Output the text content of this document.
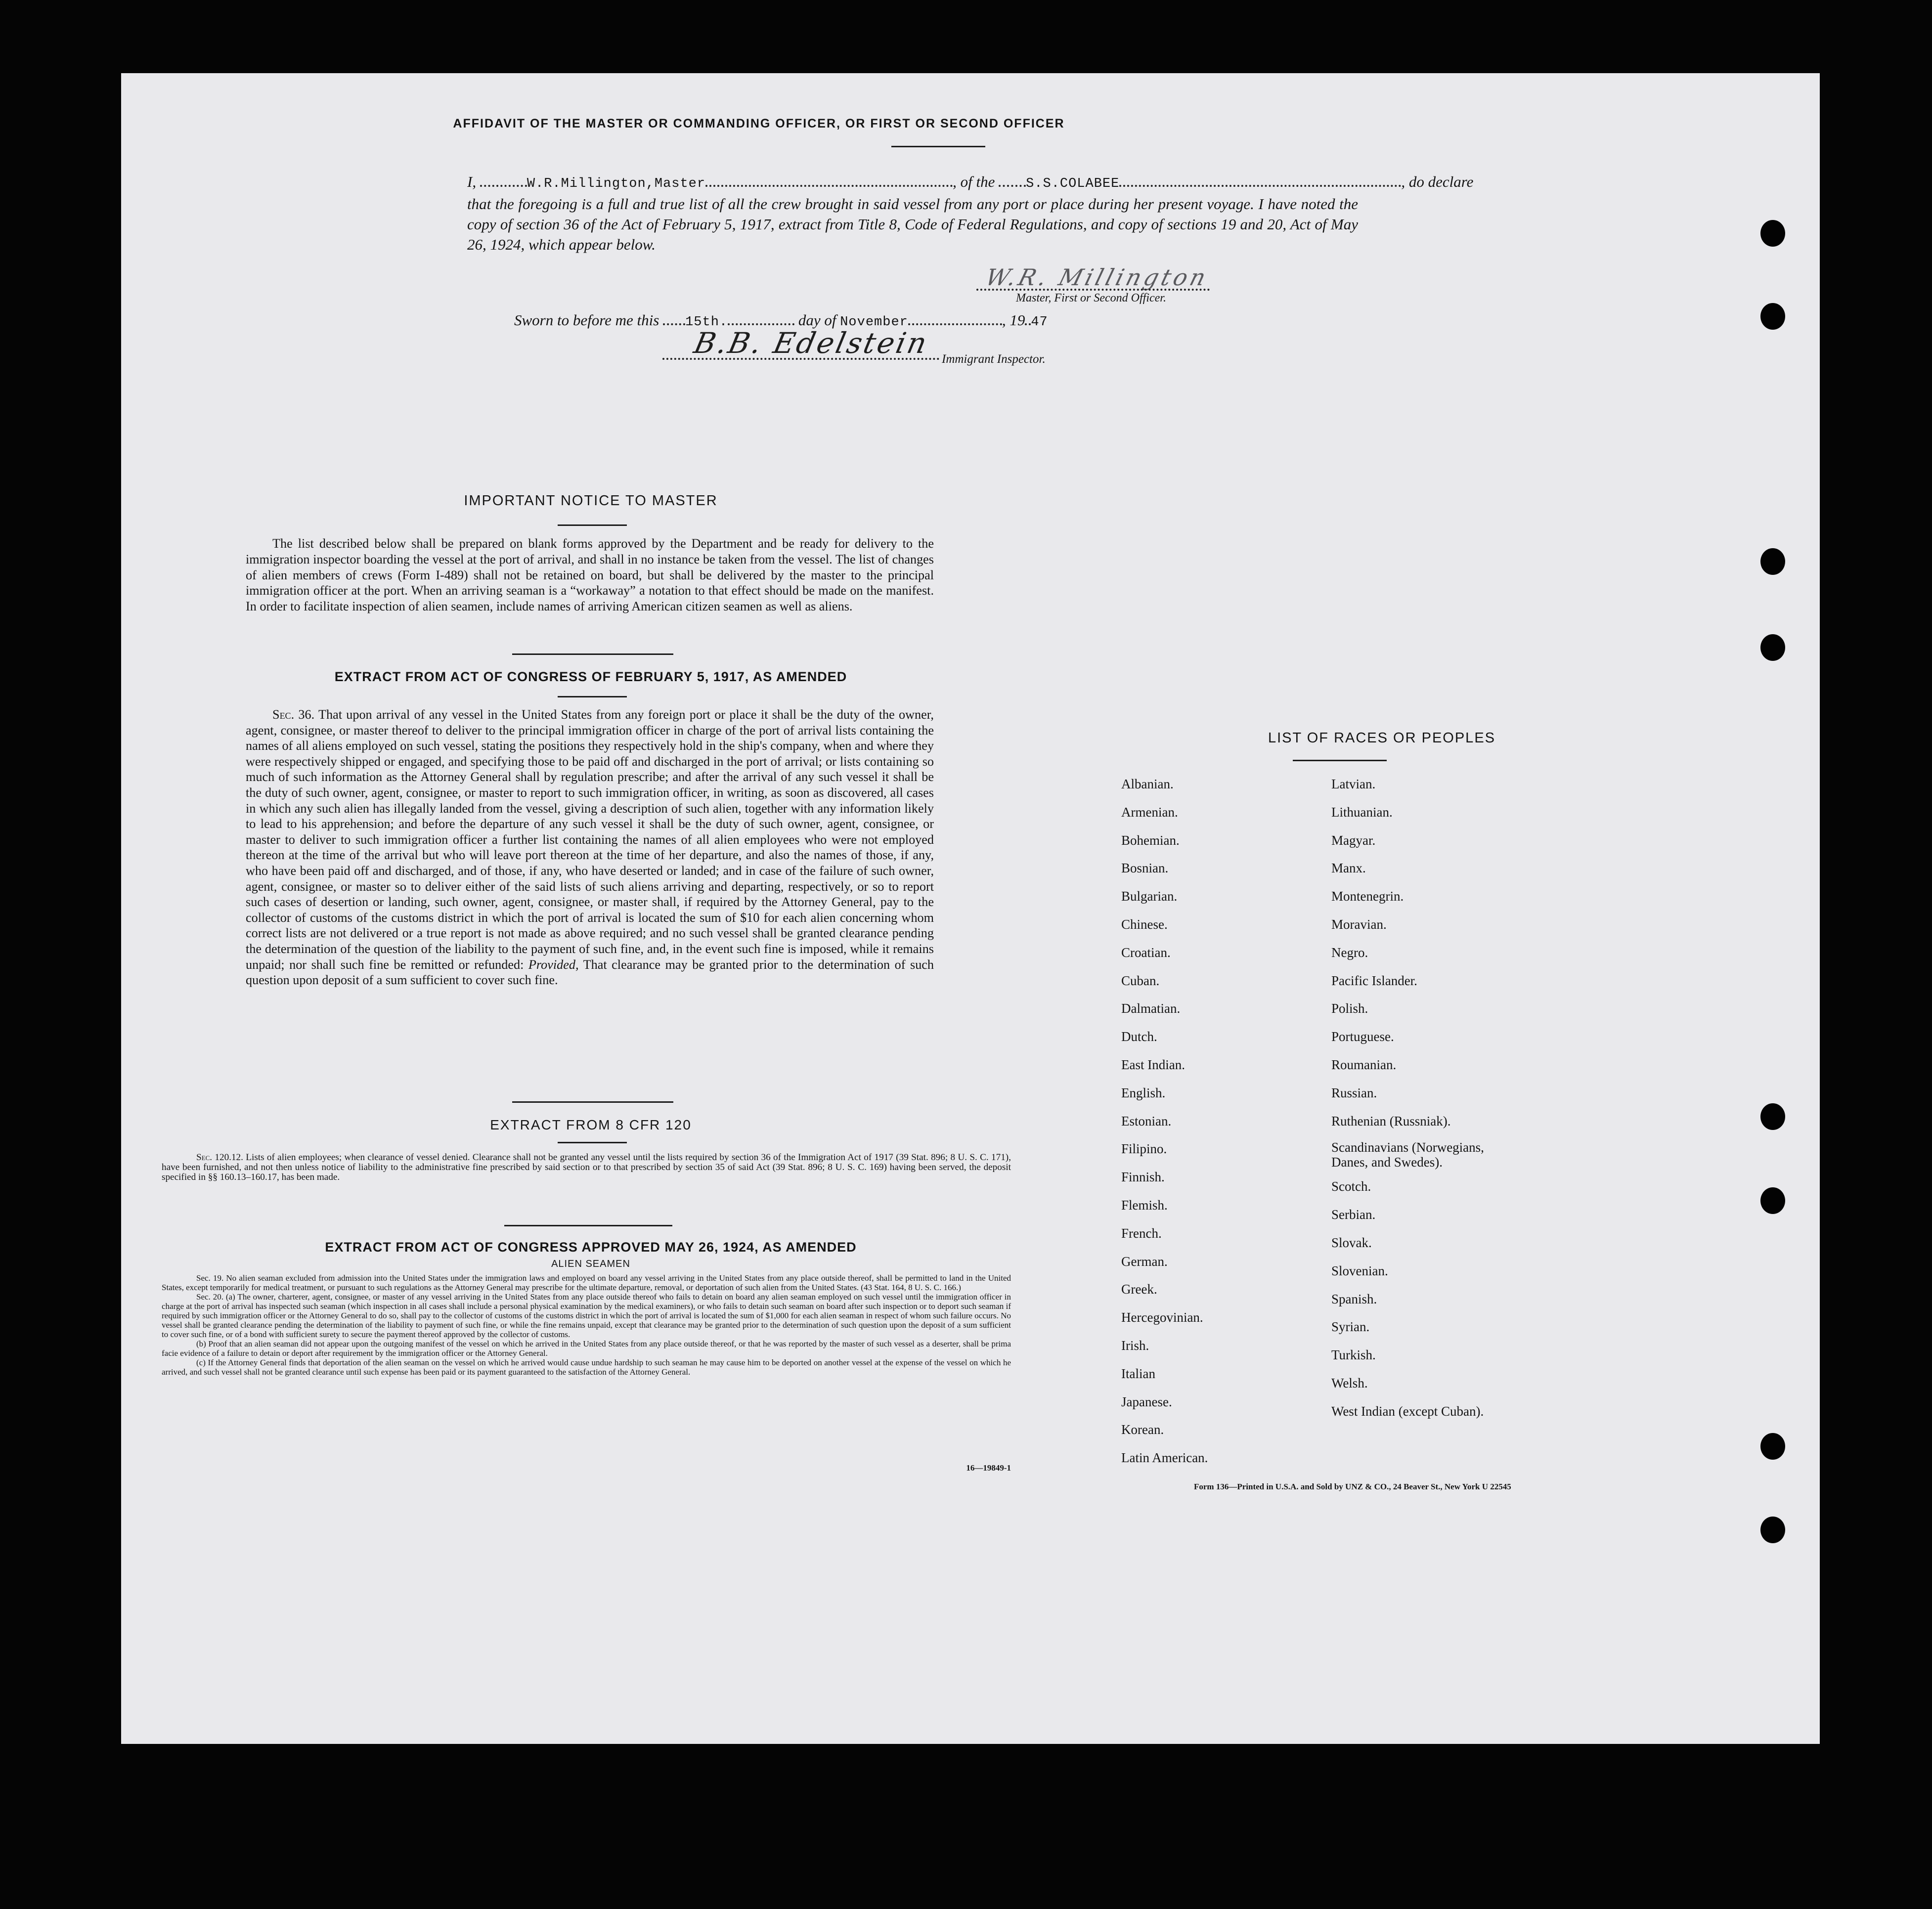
AFFIDAVIT OF THE MASTER OR COMMANDING OFFICER, OR FIRST OR SECOND OFFICER
I,	W.R.Millington,Master	, of the S.S.COLABEE	, do declare
that the foregoing is a full and true list of all the crew brought in said vessel from any port or place during her present voyage. I have noted the copy of section 36 of the Act of February 5, 1917, extract from Title 8, Code of Federal Regulations, and copy of sections 19 and 20, Act of May 26, 1924, which appear below.
W.R. Millington
Master, First or Second Officer.
Sworn to before me this 15th.	day of November	, 19 47
B.B. Edelstein Immigrant Inspector.
IMPORTANT NOTICE TO MASTER
The list described below shall be prepared on blank forms approved by the Department and be ready for delivery to the immigration inspector boarding the vessel at the port of arrival, and shall in no instance be taken from the vessel. The list of changes of alien members of crews (Form I-489) shall not be retained on board, but shall be delivered by the master to the principal immigration officer at the port. When an arriving seaman is a “workaway” a notation to that effect should be made on the manifest. In order to facilitate inspection of alien seamen, include names of arriving American citizen seamen as well as aliens.
EXTRACT FROM ACT OF CONGRESS OF FEBRUARY 5, 1917, AS AMENDED
Sec. 36. That upon arrival of any vessel in the United States from any foreign port or place it shall be the duty of the owner, agent, consignee, or master thereof to deliver to the principal immigration officer in charge of the port of arrival lists containing the names of all aliens employed on such vessel, stating the positions they respectively hold in the ship's company, when and where they were respectively shipped or engaged, and specifying those to be paid off and discharged in the port of arrival; or lists containing so much of such information as the Attorney General shall by regulation prescribe; and after the arrival of any such vessel it shall be the duty of such owner, agent, consignee, or master to report to such immigration officer, in writing, as soon as discovered, all cases in which any such alien has illegally landed from the vessel, giving a description of such alien, together with any information likely to lead to his apprehension; and before the departure of any such vessel it shall be the duty of such owner, agent, consignee, or master to deliver to such immigration officer a further list containing the names of all alien employees who were not employed thereon at the time of the arrival but who will leave port thereon at the time of her departure, and also the names of those, if any, who have been paid off and discharged, and of those, if any, who have deserted or landed; and in case of the failure of such owner, agent, consignee, or master so to deliver either of the said lists of such aliens arriving and departing, respectively, or so to report such cases of desertion or landing, such owner, agent, consignee, or master shall, if required by the Attorney General, pay to the collector of customs of the customs district in which the port of arrival is located the sum of $10 for each alien concerning whom correct lists are not delivered or a true report is not made as above required; and no such vessel shall be granted clearance pending the determination of the question of the liability to the payment of such fine, and, in the event such fine is imposed, while it remains unpaid; nor shall such fine be remitted or refunded: Provided, That clearance may be granted prior to the determination of such question upon deposit of a sum sufficient to cover such fine.
EXTRACT FROM 8 CFR 120
Sec. 120.12. Lists of alien employees; when clearance of vessel denied. Clearance shall not be granted any vessel until the lists required by section 36 of the Immigration Act of 1917 (39 Stat. 896; 8 U. S. C. 171), have been furnished, and not then unless notice of liability to the administrative fine prescribed by said section or to that prescribed by section 35 of said Act (39 Stat. 896; 8 U. S. C. 169) having been served, the deposit specified in §§ 160.13–160.17, has been made.
EXTRACT FROM ACT OF CONGRESS APPROVED MAY 26, 1924, AS AMENDED
ALIEN SEAMEN
Sec. 19. No alien seaman excluded from admission into the United States under the immigration laws and employed on board any vessel arriving in the United States from any place outside thereof, shall be permitted to land in the United States, except temporarily for medical treatment, or pursuant to such regulations as the Attorney General may prescribe for the ultimate departure, removal, or deportation of such alien from the United States. (43 Stat. 164, 8 U. S. C. 166.)
Sec. 20. (a) The owner, charterer, agent, consignee, or master of any vessel arriving in the United States from any place outside thereof who fails to detain on board any alien seaman employed on such vessel until the immigration officer in charge at the port of arrival has inspected such seaman (which inspection in all cases shall include a personal physical examination by the medical examiners), or who fails to detain such seaman on board after such inspection or to deport such seaman if required by such immigration officer or the Attorney General to do so, shall pay to the collector of customs of the customs district in which the port of arrival is located the sum of $1,000 for each alien seaman in respect of whom such failure occurs. No vessel shall be granted clearance pending the determination of the liability to payment of such fine, or while the fine remains unpaid, except that clearance may be granted prior to the determination of such question upon the deposit of a sum sufficient to cover such fine, or of a bond with sufficient surety to secure the payment thereof approved by the collector of customs.
(b) Proof that an alien seaman did not appear upon the outgoing manifest of the vessel on which he arrived in the United States from any place outside thereof, or that he was reported by the master of such vessel as a deserter, shall be prima facie evidence of a failure to detain or deport after requirement by the immigration officer or the Attorney General.
(c) If the Attorney General finds that deportation of the alien seaman on the vessel on which he arrived would cause undue hardship to such seaman he may cause him to be deported on another vessel at the expense of the vessel on which he arrived, and such vessel shall not be granted clearance until such expense has been paid or its payment guaranteed to the satisfaction of the Attorney General.
16—19849-1
LIST OF RACES OR PEOPLES
Albanian.
Armenian.
Bohemian.
Bosnian.
Bulgarian.
Chinese.
Croatian.
Cuban.
Dalmatian.
Dutch.
East Indian.
English.
Estonian.
Filipino.
Finnish.
Flemish.
French.
German.
Greek.
Hercegovinian.
Irish.
Italian
Japanese.
Korean.
Latin American.
Latvian.
Lithuanian.
Magyar.
Manx.
Montenegrin.
Moravian.
Negro.
Pacific Islander.
Polish.
Portuguese.
Roumanian.
Russian.
Ruthenian (Russniak).
Scandinavians (Norwegians,
Danes, and Swedes).
Scotch.
Serbian.
Slovak.
Slovenian.
Spanish.
Syrian.
Turkish.
Welsh.
West Indian (except Cuban).
Form 136—Printed in U.S.A. and Sold by UNZ & CO., 24 Beaver St., New York U 22545
